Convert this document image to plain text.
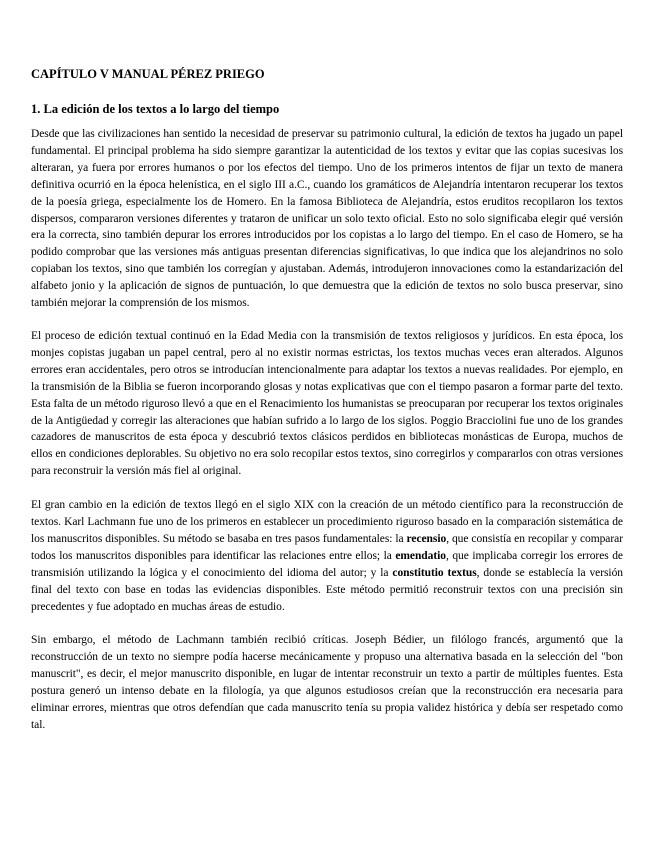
CAPÍTULO V MANUAL PÉREZ PRIEGO
1. La edición de los textos a lo largo del tiempo

Desde que las civilizaciones han sentido la necesidad de preservar su patrimonio cultural, la edición de textos ha jugado un papel fundamental. El principal problema ha sido siempre garantizar la autenticidad de los textos y evitar que las copias sucesivas los alteraran, ya fuera por errores humanos o por los efectos del tiempo. Uno de los primeros intentos de fijar un texto de manera definitiva ocurrió en la época helenística, en el siglo III a.C., cuando los gramáticos de Alejandría intentaron recuperar los textos de la poesía griega, especialmente los de Homero. En la famosa Biblioteca de Alejandría, estos eruditos recopilaron los textos dispersos, compararon versiones diferentes y trataron de unificar un solo texto oficial. Esto no solo significaba elegir qué versión era la correcta, sino también depurar los errores introducidos por los copistas a lo largo del tiempo. En el caso de Homero, se ha podido comprobar que las versiones más antiguas presentan diferencias significativas, lo que indica que los alejandrinos no solo copiaban los textos, sino que también los corregían y ajustaban. Además, introdujeron innovaciones como la estandarización del alfabeto jonio y la aplicación de signos de puntuación, lo que demuestra que la edición de textos no solo busca preservar, sino también mejorar la comprensión de los mismos.

El proceso de edición textual continuó en la Edad Media con la transmisión de textos religiosos y jurídicos. En esta época, los monjes copistas jugaban un papel central, pero al no existir normas estrictas, los textos muchas veces eran alterados. Algunos errores eran accidentales, pero otros se introducían intencionalmente para adaptar los textos a nuevas realidades. Por ejemplo, en la transmisión de la Biblia se fueron incorporando glosas y notas explicativas que con el tiempo pasaron a formar parte del texto. Esta falta de un método riguroso llevó a que en el Renacimiento los humanistas se preocuparan por recuperar los textos originales de la Antigüedad y corregir las alteraciones que habían sufrido a lo largo de los siglos. Poggio Bracciolini fue uno de los grandes cazadores de manuscritos de esta época y descubrió textos clásicos perdidos en bibliotecas monásticas de Europa, muchos de ellos en condiciones deplorables. Su objetivo no era solo recopilar estos textos, sino corregirlos y compararlos con otras versiones para reconstruir la versión más fiel al original.

El gran cambio en la edición de textos llegó en el siglo XIX con la creación de un método científico para la reconstrucción de textos. Karl Lachmann fue uno de los primeros en establecer un procedimiento riguroso basado en la comparación sistemática de los manuscritos disponibles. Su método se basaba en tres pasos fundamentales: la recensio, que consistía en recopilar y comparar todos los manuscritos disponibles para identificar las relaciones entre ellos; la emendatio, que implicaba corregir los errores de transmisión utilizando la lógica y el conocimiento del idioma del autor; y la constitutio textus, donde se establecía la versión final del texto con base en todas las evidencias disponibles. Este método permitió reconstruir textos con una precisión sin precedentes y fue adoptado en muchas áreas de estudio.

Sin embargo, el método de Lachmann también recibió críticas. Joseph Bédier, un filólogo francés, argumentó que la reconstrucción de un texto no siempre podía hacerse mecánicamente y propuso una alternativa basada en la selección del "bon manuscrit", es decir, el mejor manuscrito disponible, en lugar de intentar reconstruir un texto a partir de múltiples fuentes. Esta postura generó un intenso debate en la filología, ya que algunos estudiosos creían que la reconstrucción era necesaria para eliminar errores, mientras que otros defendían que cada manuscrito tenía su propia validez histórica y debía ser respetado como tal.
